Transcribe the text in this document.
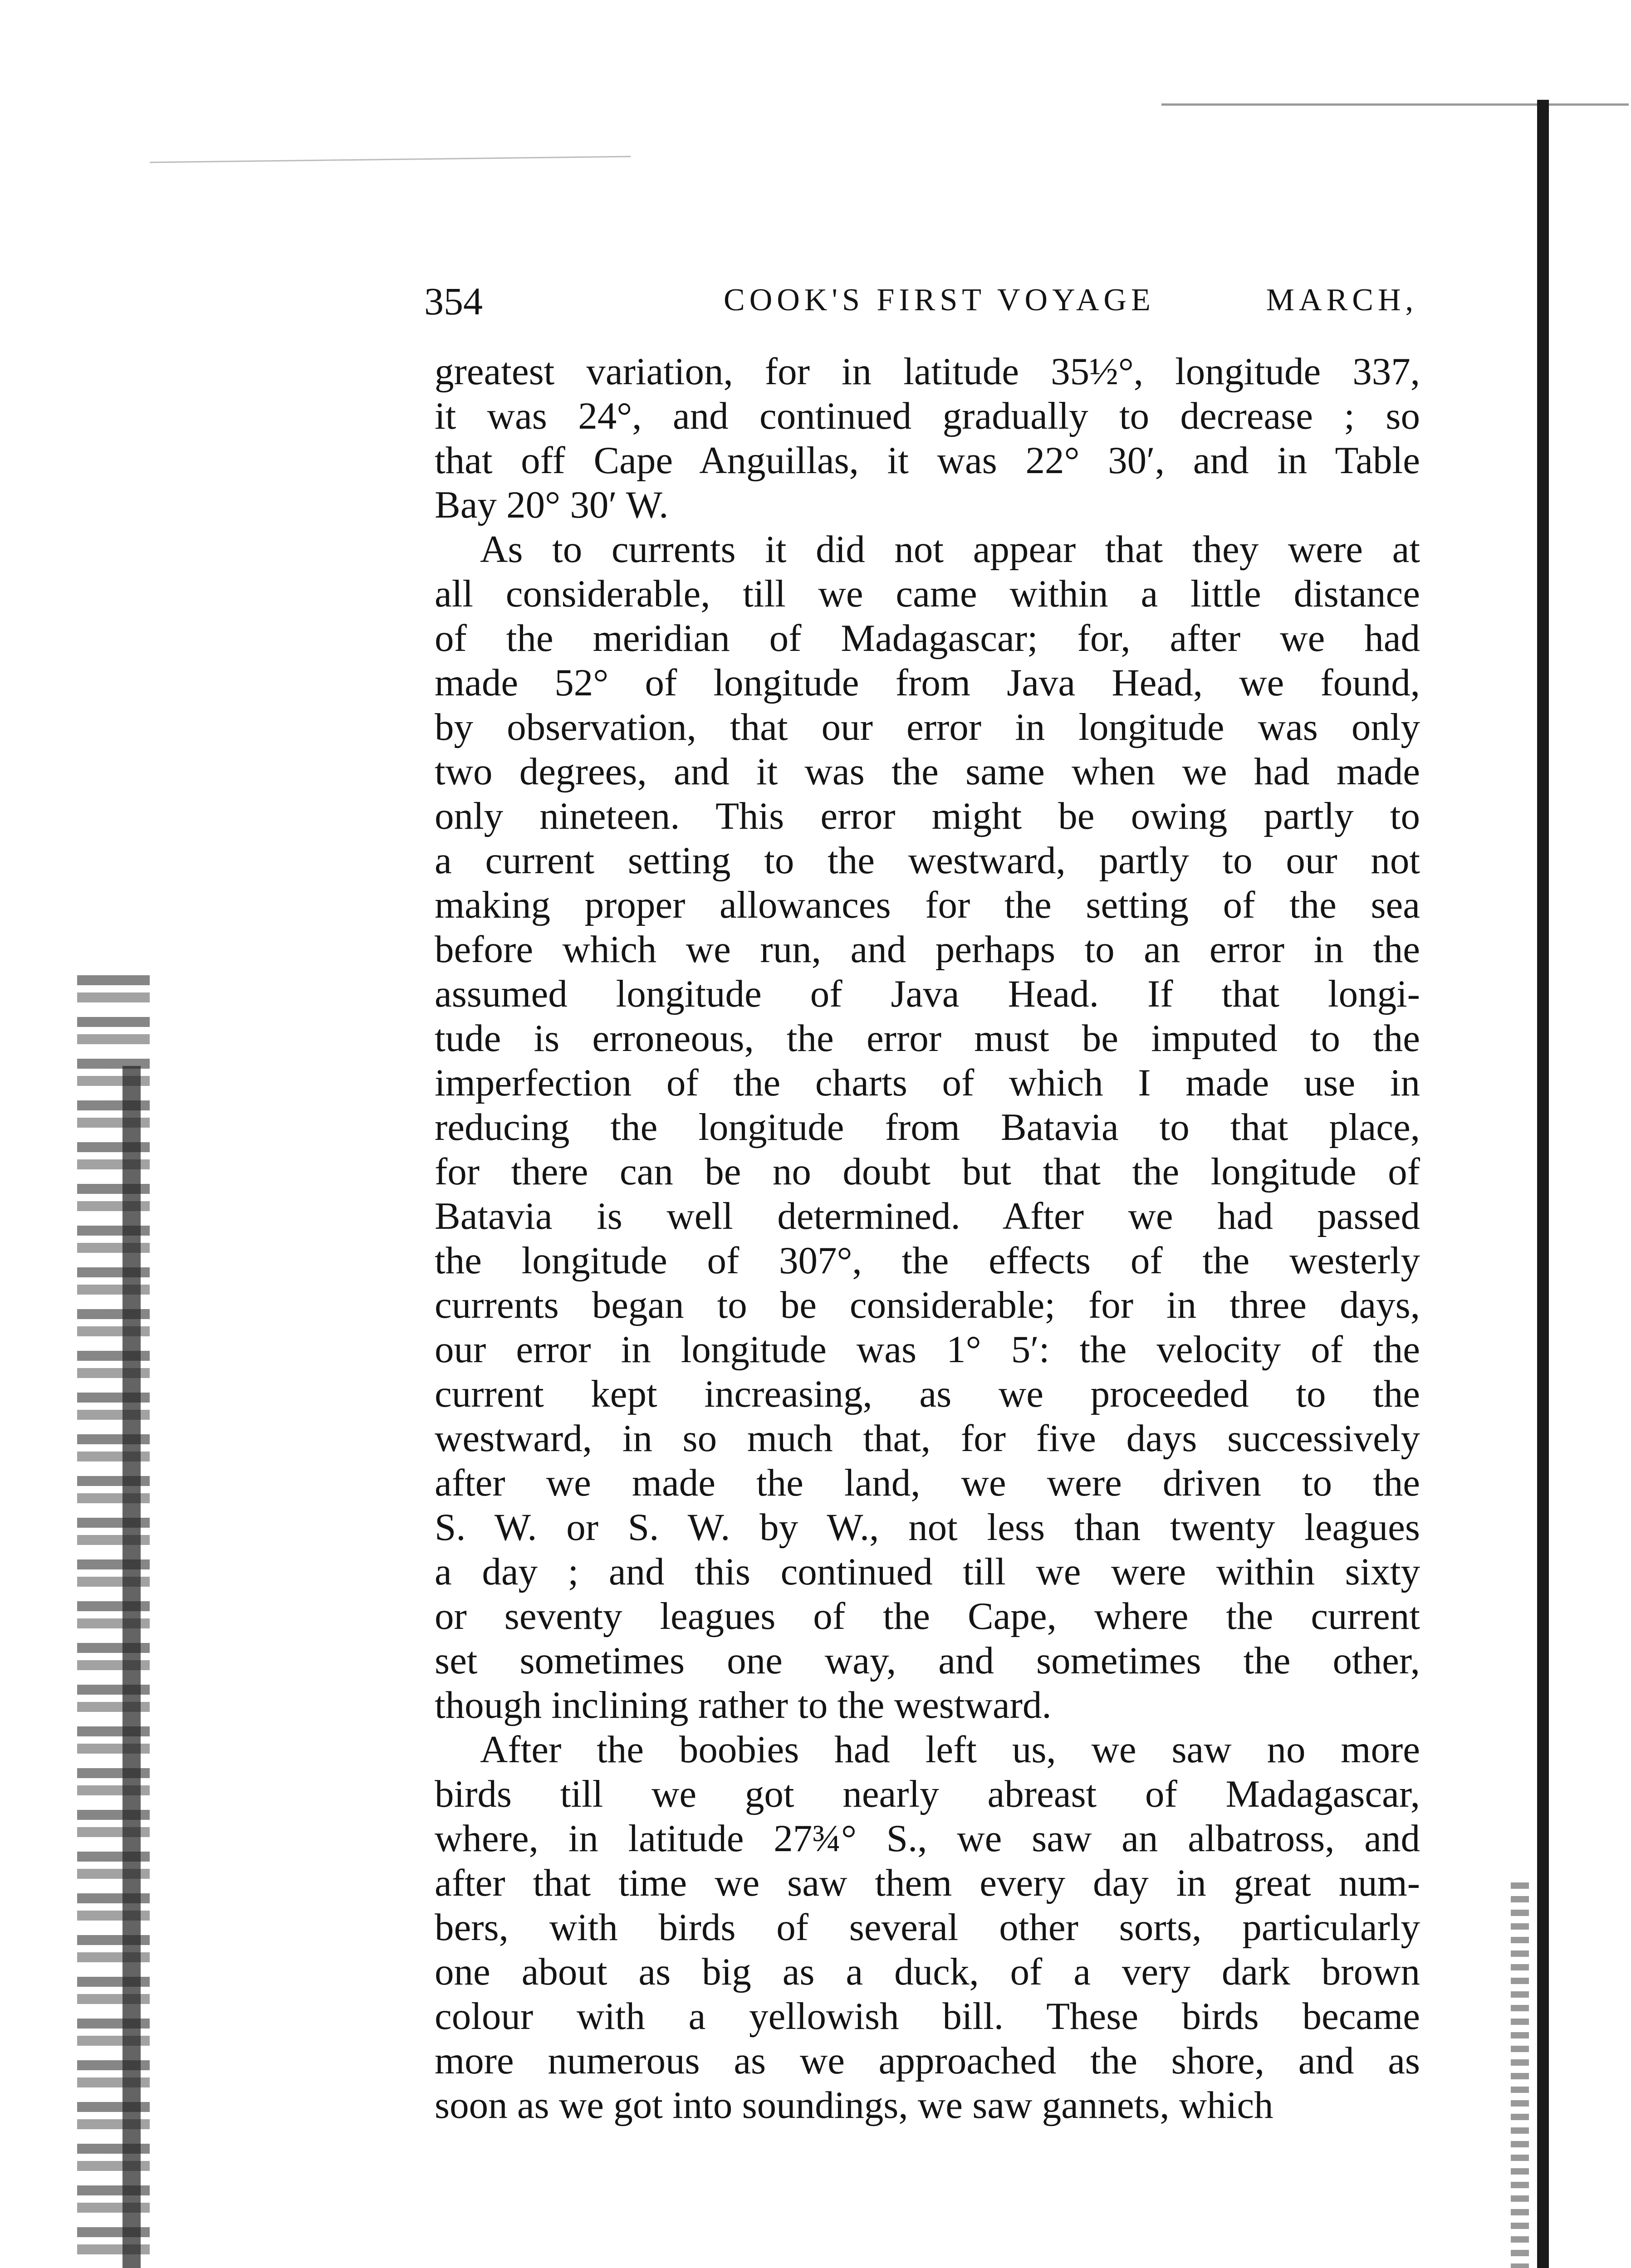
354	COOK'S FIRST VOYAGE	MARCH,
greatest variation, for in latitude 35½°, longitude 337,
it was 24°, and continued gradually to decrease ; so
that off Cape Anguillas, it was 22° 30′, and in Table
Bay 20° 30′ W.
As to currents it did not appear that they were at
all considerable, till we came within a little distance
of the meridian of Madagascar; for, after we had
made 52° of longitude from Java Head, we found,
by observation, that our error in longitude was only
two degrees, and it was the same when we had made
only nineteen. This error might be owing partly to
a current setting to the westward, partly to our not
making proper allowances for the setting of the sea
before which we run, and perhaps to an error in the
assumed longitude of Java Head. If that longi-
tude is erroneous, the error must be imputed to the
imperfection of the charts of which I made use in
reducing the longitude from Batavia to that place,
for there can be no doubt but that the longitude of
Batavia is well determined. After we had passed
the longitude of 307°, the effects of the westerly
currents began to be considerable; for in three days,
our error in longitude was 1° 5′: the velocity of the
current kept increasing, as we proceeded to the
westward, in so much that, for five days successively
after we made the land, we were driven to the
S. W. or S. W. by W., not less than twenty leagues
a day ; and this continued till we were within sixty
or seventy leagues of the Cape, where the current
set sometimes one way, and sometimes the other,
though inclining rather to the westward.
After the boobies had left us, we saw no more
birds till we got nearly abreast of Madagascar,
where, in latitude 27¾° S., we saw an albatross, and
after that time we saw them every day in great num-
bers, with birds of several other sorts, particularly
one about as big as a duck, of a very dark brown
colour with a yellowish bill. These birds became
more numerous as we approached the shore, and as
soon as we got into soundings, we saw gannets, which
